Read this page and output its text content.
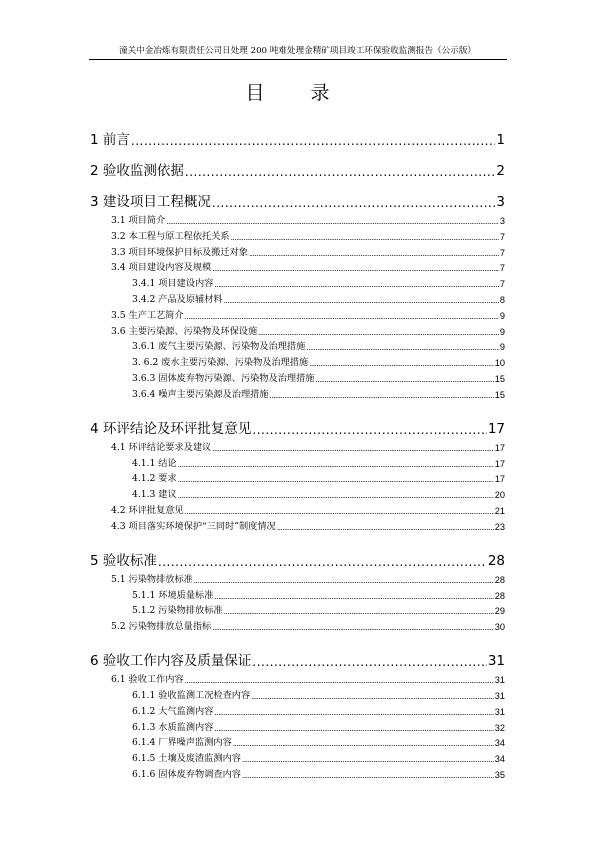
潼关中金冶炼有限责任公司日处理 200 吨难处理金精矿项目竣工环保验收监测报告（公示版）
目 录
1 前言 .....	1
2 验收监测依据 .....	2
3 建设项目工程概况 .....	3
3.1 项目简介 .....	3
3.2 本工程与原工程依托关系 .....	7
3.3 项目环境保护目标及搬迁对象 .....	7
3.4 项目建设内容及规模 .....	7
3.4.1 项目建设内容 .....	7
3.4.2 产品及原辅材料 .....	8
3.5 生产工艺简介 .....	9
3.6 主要污染源、污染物及环保设施 .....	9
3.6.1 废气主要污染源、污染物及治理措施 .....	9
3. 6.2 废水主要污染源、污染物及治理措施 .....	10
3.6.3 固体废弃物污染源、污染物及治理措施 .....	15
3.6.4 噪声主要污染源及治理措施 .....	15
4 环评结论及环评批复意见 .....	17
4.1 环评结论要求及建议 .....	17
4.1.1 结论 .....	17
4.1.2 要求 .....	17
4.1.3 建议 .....	20
4.2 环评批复意见 .....	21
4.3 项目落实环境保护“三同时”制度情况 .....	23
5 验收标准 .....	28
5.1 污染物排放标准 .....	28
5.1.1 环境质量标准 .....	28
5.1.2 污染物排放标准 .....	29
5.2 污染物排放总量指标 .....	30
6 验收工作内容及质量保证 .....	31
6.1 验收工作内容 .....	31
6.1.1 验收监测工况检查内容 .....	31
6.1.2 大气监测内容 .....	31
6.1.3 水质监测内容 .....	32
6.1.4 厂界噪声监测内容 .....	34
6.1.5 土壤及废渣监测内容 .....	34
6.1.6 固体废弃物调查内容 .....	35
